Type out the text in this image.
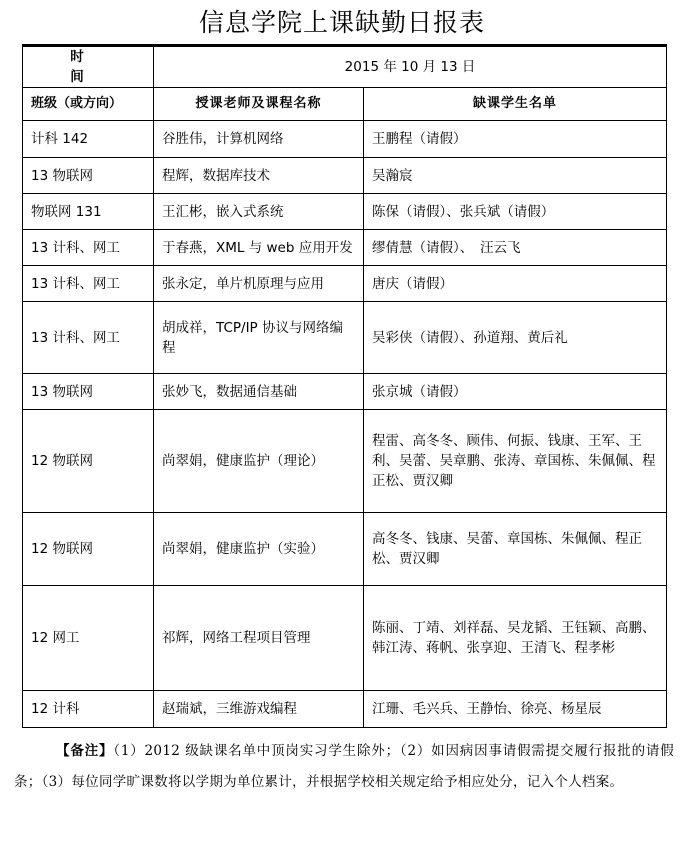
信息学院上课缺勤日报表
时　　间	2015 年 10 月 13 日	
班级（或方向）	授课老师及课程名称	缺课学生名单
计科 142	谷胜伟，计算机网络	王鹏程（请假）
13 物联网	程辉，数据库技术	吴瀚宸
物联网 131	王汇彬，嵌入式系统	陈保（请假）、张兵斌（请假）
13 计科、网工	于春燕，XML 与 web 应用开发	缪倩慧（请假）、　汪云飞
13 计科、网工	张永定，单片机原理与应用	唐庆（请假）
13 计科、网工	胡成祥，TCP/IP 协议与网络编程	吴彩侠（请假）、孙道翔、黄后礼
13 物联网	张妙飞，数据通信基础	张京城（请假）
12 物联网	尚翠娟，健康监护（理论）	程雷、高冬冬、顾伟、何振、钱康、王军、王利、吴蕾、吴章鹏、张涛、章国栋、朱佩佩、程正松、贾汉卿
12 物联网	尚翠娟，健康监护（实验）	高冬冬、钱康、吴蕾、章国栋、朱佩佩、程正松、贾汉卿
12 网工	祁辉，网络工程项目管理	陈丽、丁靖、刘祥磊、吴龙韬、王钰颖、高鹏、韩江涛、蒋帆、张享迎、王清飞、程孝彬
12 计科	赵瑞斌，三维游戏编程	江珊、毛兴兵、王静怡、徐亮、杨星辰
【备注】（1）2012 级缺课名单中顶岗实习学生除外；（2）如因病因事请假需提交履行报批的请假条；（3）每位同学旷课数将以学期为单位累计，并根据学校相关规定给予相应处分，记入个人档案。
